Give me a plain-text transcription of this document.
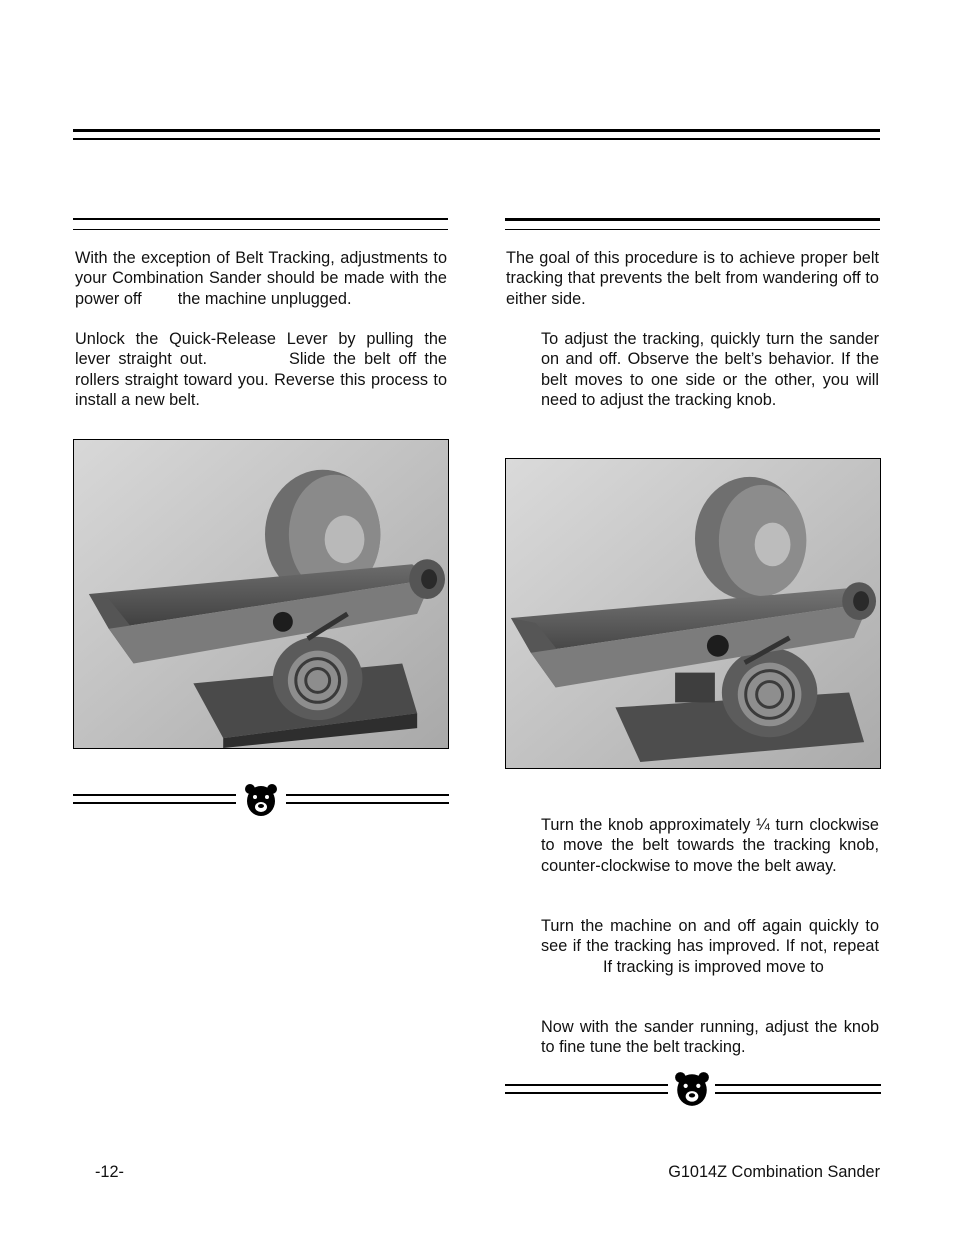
With the exception of Belt Tracking, adjustments to your Combination Sander should be made with the power off the machine unplugged.

Unlock the Quick-Release Lever by pulling the lever straight out.	Slide the belt off the rollers straight toward you. Reverse this process to install a new belt.

The goal of this procedure is to achieve proper belt tracking that prevents the belt from wandering off to either side.

To adjust the tracking, quickly turn the sander on and off. Observe the belt’s behavior. If the belt moves to one side or the other, you will need to adjust the tracking knob.

Turn the knob approximately ¼ turn clockwise to move the belt towards the tracking knob, counter-clockwise to move the belt away.

Turn the machine on and off again quickly to see if the tracking has improved. If not, repeatIf tracking is improved move to

Now with the sander running, adjust the knob to fine tune the belt tracking.

-12-	G1014Z Combination Sander
